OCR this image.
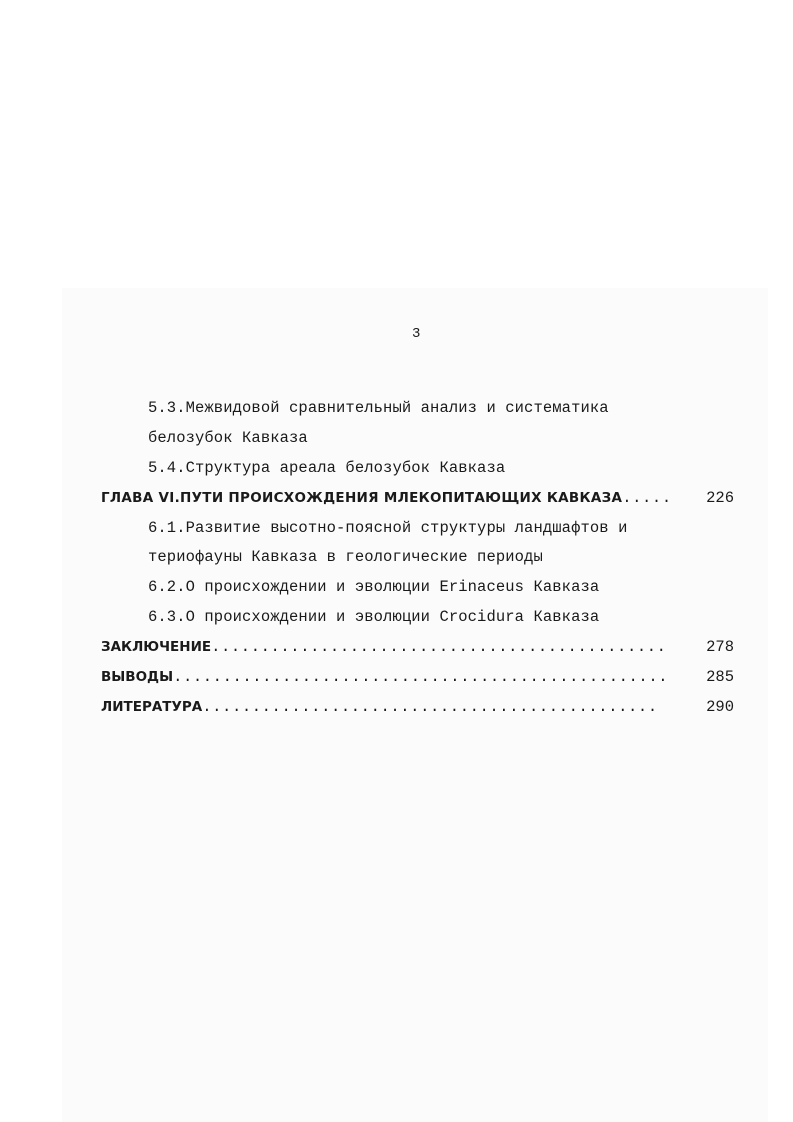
3
5.3.Межвидовой сравнительный анализ и систематика
белозубок Кавказа
5.4.Структура ареала белозубок Кавказа
ГЛАВА VI.ПУТИ ПРОИСХОЖДЕНИЯ МЛЕКОПИТАЮЩИХ КАВКАЗА .....	226
6.1.Развитие высотно-поясной структуры ландшафтов и
териофауны Кавказа в геологические периоды
6.2.О происхождении и эволюции Erinaceus Кавказа
6.3.О происхождении и эволюции Crocidura Кавказа
ЗАКЛЮЧЕНИЕ ..............................................	278
ВЫВОДЫ ..................................................	285
ЛИТЕРАТУРА ..............................................	290
